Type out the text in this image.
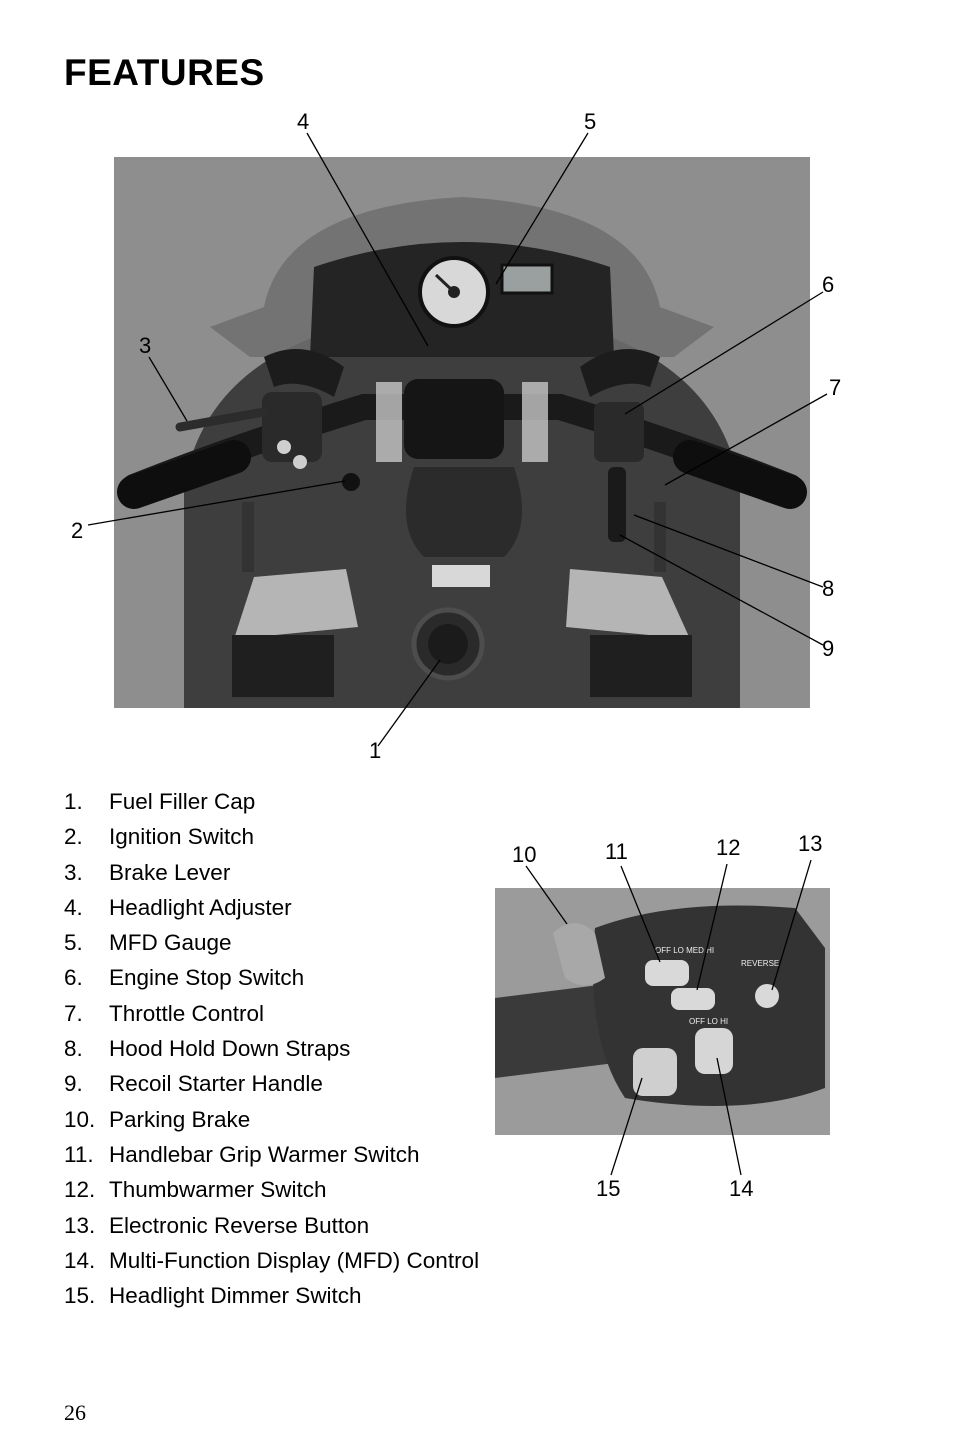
FEATURES
OFF LO MED HI
REVERSE
OFF LO HI
4	5
6
3
7
2
8
9
1
10	11	12	13
15	14
1. Fuel Filler Cap
2. Ignition Switch
3. Brake Lever
4. Headlight Adjuster
5. MFD Gauge
6. Engine Stop Switch
7. Throttle Control
8. Hood Hold Down Straps
9. Recoil Starter Handle
10. Parking Brake
11. Handlebar Grip Warmer Switch
12. Thumbwarmer Switch
13. Electronic Reverse Button
14. Multi-Function Display (MFD) Control
15. Headlight Dimmer Switch
26
